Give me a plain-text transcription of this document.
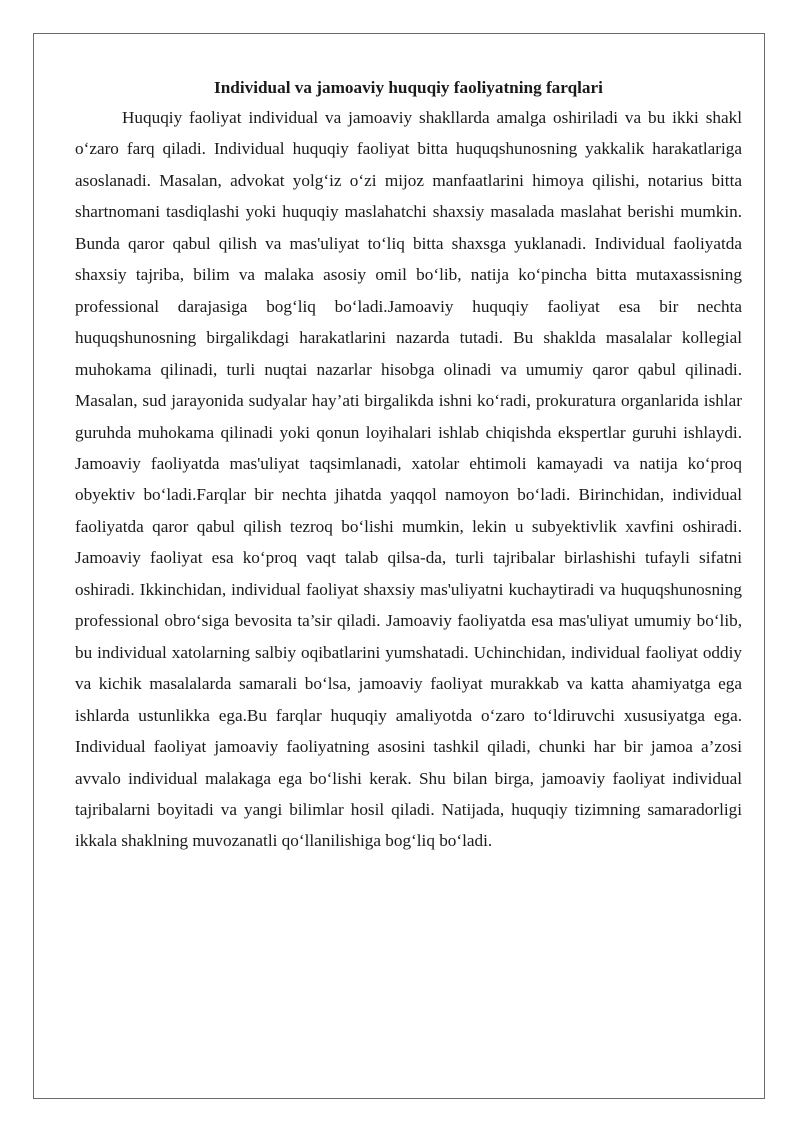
Individual va jamoaviy huquqiy faoliyatning farqlari

Huquqiy faoliyat individual va jamoaviy shakllarda amalga oshiriladi va bu ikki shakl o‘zaro farq qiladi. Individual huquqiy faoliyat bitta huquqshunosning yakkalik harakatlariga asoslanadi. Masalan, advokat yolg‘iz o‘zi mijoz manfaatlarini himoya qilishi, notarius bitta shartnomani tasdiqlashi yoki huquqiy maslahatchi shaxsiy masalada maslahat berishi mumkin. Bunda qaror qabul qilish va mas'uliyat to‘liq bitta shaxsga yuklanadi. Individual faoliyatda shaxsiy tajriba, bilim va malaka asosiy omil bo‘lib, natija ko‘pincha bitta mutaxassisning professional darajasiga bog‘liq bo‘ladi.Jamoaviy huquqiy faoliyat esa bir nechta huquqshunosning birgalikdagi harakatlarini nazarda tutadi. Bu shaklda masalalar kollegial muhokama qilinadi, turli nuqtai nazarlar hisobga olinadi va umumiy qaror qabul qilinadi. Masalan, sud jarayonida sudyalar hay’ati birgalikda ishni ko‘radi, prokuratura organlarida ishlar guruhda muhokama qilinadi yoki qonun loyihalari ishlab chiqishda ekspertlar guruhi ishlaydi. Jamoaviy faoliyatda mas'uliyat taqsimlanadi, xatolar ehtimoli kamayadi va natija ko‘proq obyektiv bo‘ladi.Farqlar bir nechta jihatda yaqqol namoyon bo‘ladi. Birinchidan, individual faoliyatda qaror qabul qilish tezroq bo‘lishi mumkin, lekin u subyektivlik xavfini oshiradi. Jamoaviy faoliyat esa ko‘proq vaqt talab qilsa-da, turli tajribalar birlashishi tufayli sifatni oshiradi. Ikkinchidan, individual faoliyat shaxsiy mas'uliyatni kuchaytiradi va huquqshunosning professional obro‘siga bevosita ta’sir qiladi. Jamoaviy faoliyatda esa mas'uliyat umumiy bo‘lib, bu individual xatolarning salbiy oqibatlarini yumshatadi. Uchinchidan, individual faoliyat oddiy va kichik masalalarda samarali bo‘lsa, jamoaviy faoliyat murakkab va katta ahamiyatga ega ishlarda ustunlikka ega.Bu farqlar huquqiy amaliyotda o‘zaro to‘ldiruvchi xususiyatga ega. Individual faoliyat jamoaviy faoliyatning asosini tashkil qiladi, chunki har bir jamoa a’zosi avvalo individual malakaga ega bo‘lishi kerak. Shu bilan birga, jamoaviy faoliyat individual tajribalarni boyitadi va yangi bilimlar hosil qiladi. Natijada, huquqiy tizimning samaradorligi ikkala shaklning muvozanatli qo‘llanilishiga bog‘liq bo‘ladi.
